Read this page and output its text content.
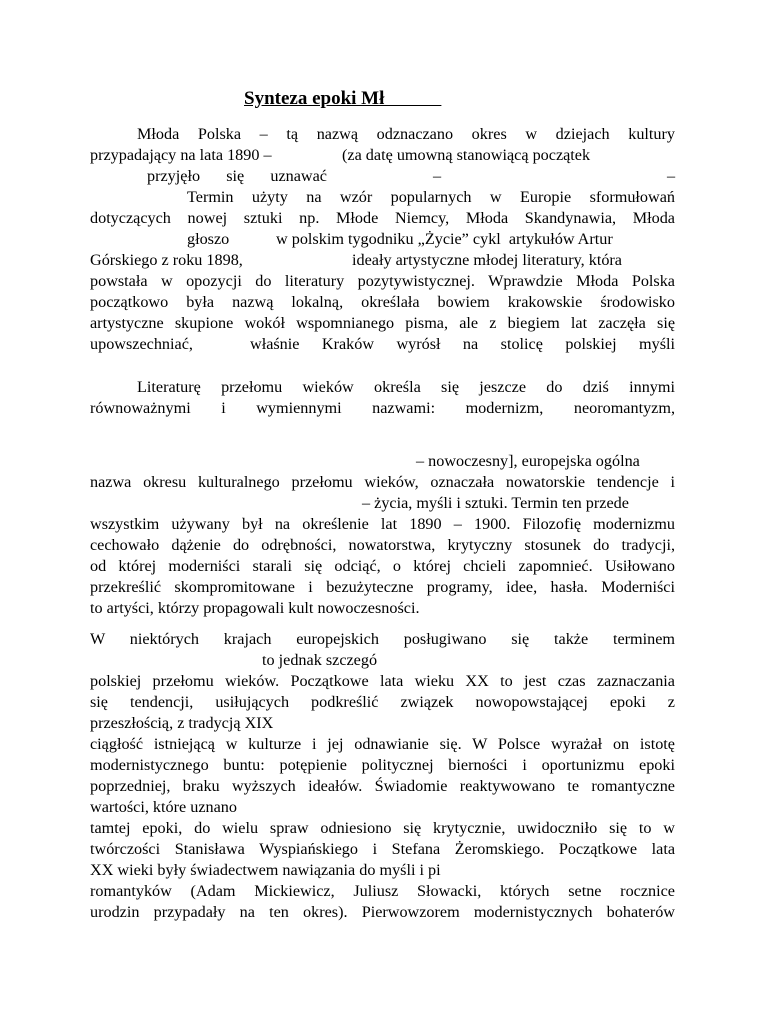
Synteza epoki Mł
Młoda Polska – tą nazwą odznaczano okres w dziejach kultury
przypadający na lata 1890 –	(za datę umowną stanowiącą początek
przyjęło się uznawać	–	–
Termin użyty na wzór popularnych w Europie sformułowań
dotyczących nowej sztuki np. Młode Niemcy, Młoda Skandynawia, Młoda
głoszo	w polskim tygodniku „Życie” cykl  artykułów Artur
Górskiego z roku 1898,	ideały artystyczne młodej literatury, która
powstała w opozycji do literatury pozytywistycznej. Wprawdzie Młoda Polska
początkowo była nazwą lokalną, określała bowiem krakowskie środowisko
artystyczne skupione wokół wspomnianego pisma, ale z biegiem lat zaczęła się
upowszechniać,	właśnie Kraków wyrósł na stolicę polskiej myśli
Literaturę przełomu wieków określa się jeszcze do dziś innymi
równoważnymi i wymiennymi nazwami: modernizm, neoromantyzm,
– nowoczesny], europejska ogólna
nazwa okresu kulturalnego przełomu wieków, oznaczała nowatorskie tendencje i
– życia, myśli i sztuki. Termin ten przede
wszystkim używany był na określenie lat 1890 – 1900. Filozofię modernizmu
cechowało dążenie do odrębności, nowatorstwa, krytyczny stosunek do tradycji,
od której moderniści starali się odciąć, o której chcieli zapomnieć. Usiłowano
przekreślić skompromitowane i bezużyteczne programy, idee, hasła. Moderniści
to artyści, którzy propagowali kult nowoczesności.
W niektórych krajach europejskich posługiwano się także terminem
to jednak szczegó
polskiej przełomu wieków. Początkowe lata wieku XX to jest czas zaznaczania
się tendencji, usiłujących podkreślić związek nowopowstającej epoki z
przeszłością, z tradycją XIX
ciągłość istniejącą w kulturze i jej odnawianie się. W Polsce wyrażał on istotę
modernistycznego buntu: potępienie politycznej bierności i oportunizmu epoki
poprzedniej, braku wyższych ideałów. Świadomie reaktywowano te romantyczne
wartości, które uznano
tamtej epoki, do wielu spraw odniesiono się krytycznie, uwidoczniło się to w
twórczości Stanisława Wyspiańskiego i Stefana Żeromskiego. Początkowe lata
XX wieki były świadectwem nawiązania do myśli i pi
romantyków (Adam Mickiewicz, Juliusz Słowacki, których setne rocznice
urodzin przypadały na ten okres). Pierwowzorem modernistycznych bohaterów
